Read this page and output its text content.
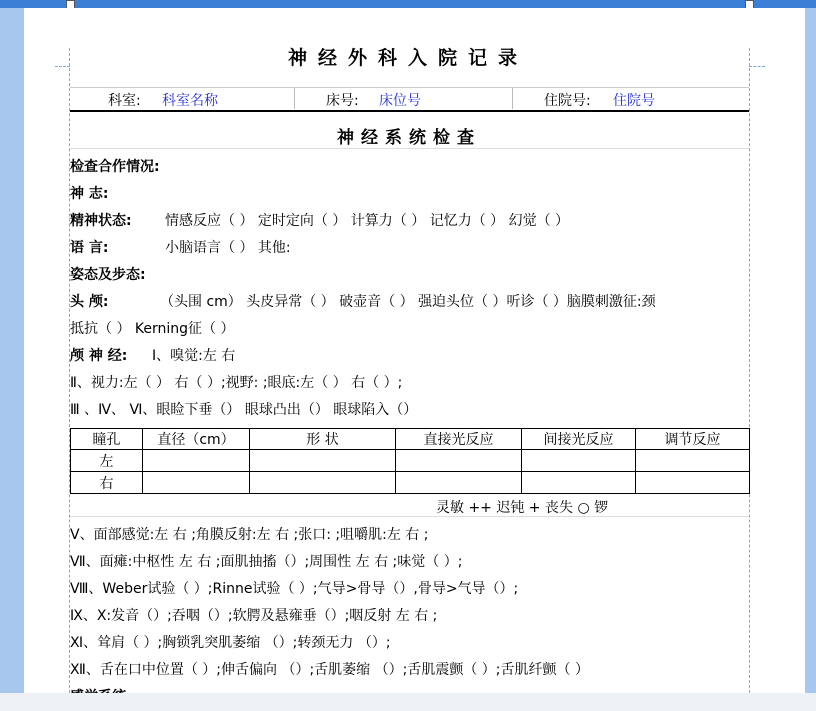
神经外科入院记录
科室: 科室名称	床号: 床位号	住院号: 住院号
神经系统检查
检查合作情况:
神 志:
精神状态: 情感反应（ ） 定时定向（ ） 计算力（ ） 记忆力（ ） 幻觉（ ）
语 言:	小脑语言（ ） 其他:
姿态及步态:
头 颅:	（头围 cm） 头皮异常（ ） 破壶音（ ） 强迫头位（ ）听诊（ ）脑膜刺激征:颈
抵抗（ ） Kerning征（ ）
颅 神 经: Ⅰ、嗅觉:左 右
Ⅱ、视力:左（ ） 右（ ）;视野: ;眼底:左（ ） 右（ ）;
Ⅲ 、Ⅳ、 Ⅵ、眼睑下垂（） 眼球凸出（） 眼球陷入（）
瞳孔	直径（cm）	形 状	直接光反应	间接光反应	调节反应
左					
右					
灵敏 ++ 迟钝 + 丧失 ○ 锣
Ⅴ、面部感觉:左 右 ;角膜反射:左 右 ;张口: ;咀嚼肌:左 右 ;
Ⅶ、面瘫:中枢性 左 右 ;面肌抽搐（）;周围性 左 右 ;味觉（ ）;
Ⅷ、Weber试验（ ）;Rinne试验（ ）;气导>骨导（）,骨导>气导（）;
Ⅸ、Ⅹ:发音（）;吞咽（）;软腭及悬雍垂（）;咽反射 左 右 ;
Ⅺ、耸肩（ ）;胸锁乳突肌萎缩 （）;转颈无力 （）;
Ⅻ、舌在口中位置（ ）;伸舌偏向 （）;舌肌萎缩 （）;舌肌震颤（ ）;舌肌纤颤（ ）
